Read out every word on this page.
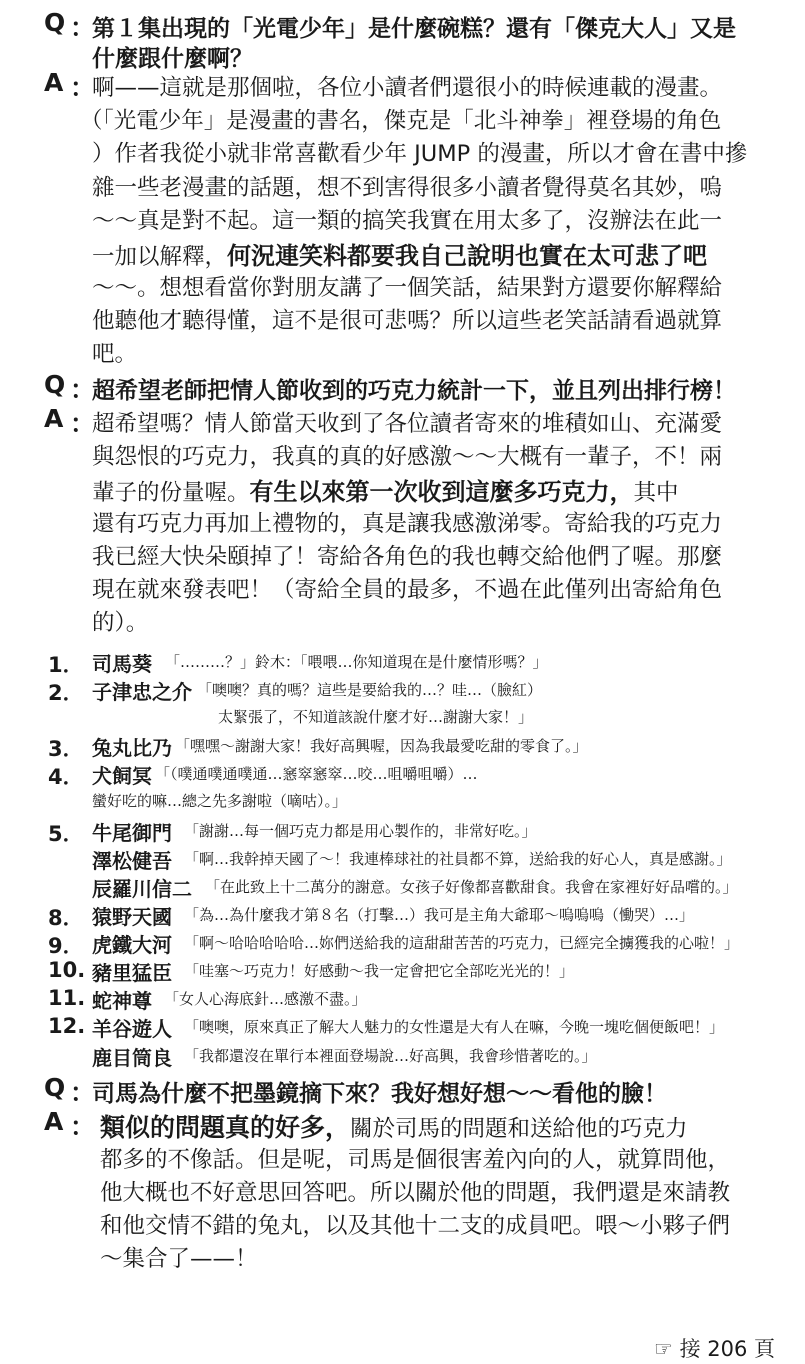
Q ：
第１集出現的「光電少年」是什麼碗糕？還有「傑克大人」又是
什麼跟什麼啊？
A ：
啊——這就是那個啦，各位小讀者們還很小的時候連載的漫畫。
（「光電少年」是漫畫的書名，傑克是「北斗神拳」裡登場的角色
）作者我從小就非常喜歡看少年 JUMP 的漫畫，所以才會在書中摻
雜一些老漫畫的話題，想不到害得很多小讀者覺得莫名其妙，嗚
～～真是對不起。這一類的搞笑我實在用太多了，沒辦法在此一
一加以解釋，何況連笑料都要我自己說明也實在太可悲了吧
～～。想想看當你對朋友講了一個笑話，結果對方還要你解釋給
他聽他才聽得懂，這不是很可悲嗎？所以這些老笑話請看過就算
吧。
Q ：
超希望老師把情人節收到的巧克力統計一下，並且列出排行榜！
A ：
超希望嗎？情人節當天收到了各位讀者寄來的堆積如山、充滿愛
與怨恨的巧克力，我真的真的好感激～～大概有一輩子，不！兩
輩子的份量喔。有生以來第一次收到這麼多巧克力，其中
還有巧克力再加上禮物的，真是讓我感激涕零。寄給我的巧克力
我已經大快朵頤掉了！寄給各角色的我也轉交給他們了喔。那麼
現在就來發表吧！（寄給全員的最多，不過在此僅列出寄給角色
的）。
1． 司馬葵 「………？」鈴木：「喂喂…你知道現在是什麼情形嗎？」
2． 子津忠之介 「噢噢？真的嗎？這些是要給我的…？哇…（臉紅）
太緊張了，不知道該說什麼才好…謝謝大家！」
3． 兔丸比乃 「嘿嘿～謝謝大家！我好高興喔，因為我最愛吃甜的零食了。」
4． 犬飼冥 「（噗通噗通噗通…窸窣窸窣…咬…咀嚼咀嚼）…
蠻好吃的嘛…總之先多謝啦（嘀咕）。」
5． 牛尾御門 「謝謝…每一個巧克力都是用心製作的，非常好吃。」
澤松健吾 「啊…我幹掉天國了～！我連棒球社的社員都不算，送給我的好心人，真是感謝。」
辰羅川信二 「在此致上十二萬分的謝意。女孩子好像都喜歡甜食。我會在家裡好好品嚐的。」
8． 猿野天國 「為…為什麼我才第８名（打擊…）我可是主角大爺耶～嗚嗚嗚（慟哭）…」
9． 虎鐵大河 「啊～哈哈哈哈哈…妳們送給我的這甜甜苦苦的巧克力，已經完全擄獲我的心啦！」
10. 豬里猛臣 「哇塞～巧克力！好感動～我一定會把它全部吃光光的！」
11. 蛇神尊 「女人心海底針…感激不盡。」
12. 羊谷遊人 「噢噢，原來真正了解大人魅力的女性還是大有人在嘛，今晚一塊吃個便飯吧！」
鹿目筒良 「我都還沒在單行本裡面登場說…好高興，我會珍惜著吃的。」
Q ：
司馬為什麼不把墨鏡摘下來？我好想好想～～看他的臉！
A ： 類似的問題真的好多，關於司馬的問題和送給他的巧克力
都多的不像話。但是呢，司馬是個很害羞內向的人，就算問他，
他大概也不好意思回答吧。所以關於他的問題，我們還是來請教
和他交情不錯的兔丸，以及其他十二支的成員吧。喂～小夥子們
～集合了——！
☞ 接 206 頁
